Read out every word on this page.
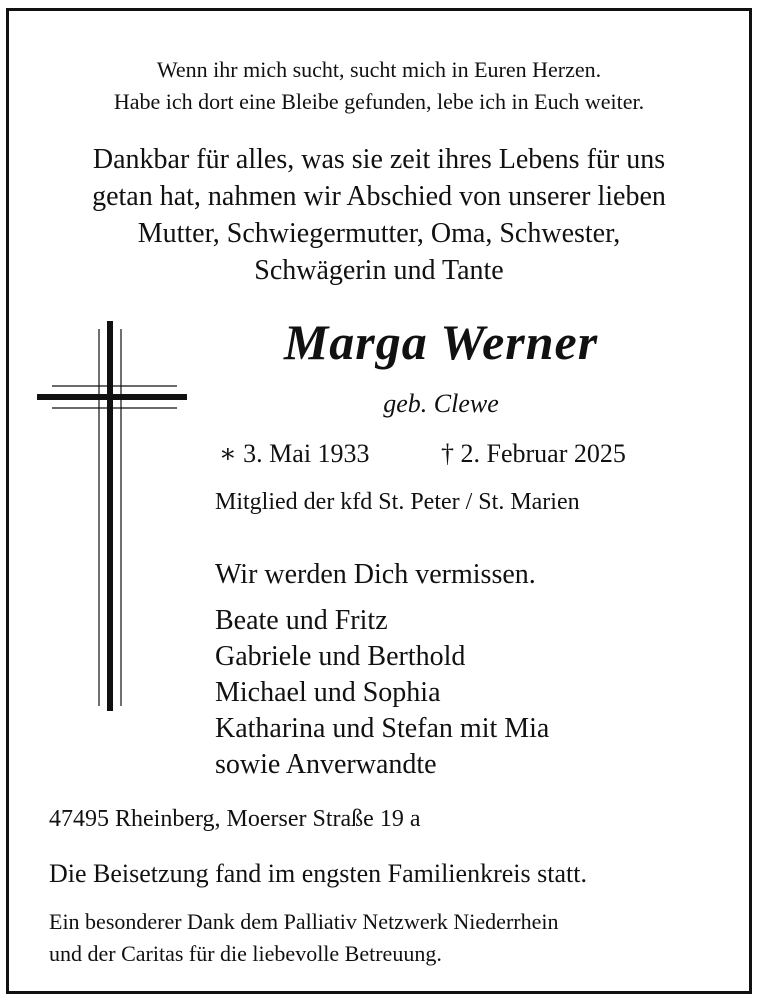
Wenn ihr mich sucht, sucht mich in Euren Herzen.
Habe ich dort eine Bleibe gefunden, lebe ich in Euch weiter.
Dankbar für alles, was sie zeit ihres Lebens für uns
getan hat, nahmen wir Abschied von unserer lieben
Mutter, Schwiegermutter, Oma, Schwester,
Schwägerin und Tante
Marga Werner
geb. Clewe
∗ 3. Mai 1933	† 2. Februar 2025
Mitglied der kfd St. Peter / St. Marien
Wir werden Dich vermissen.
Beate und Fritz
Gabriele und Berthold
Michael und Sophia
Katharina und Stefan mit Mia
sowie Anverwandte
47495 Rheinberg, Moerser Straße 19 a
Die Beisetzung fand im engsten Familienkreis statt.
Ein besonderer Dank dem Palliativ Netzwerk Niederrhein
und der Caritas für die liebevolle Betreuung.
